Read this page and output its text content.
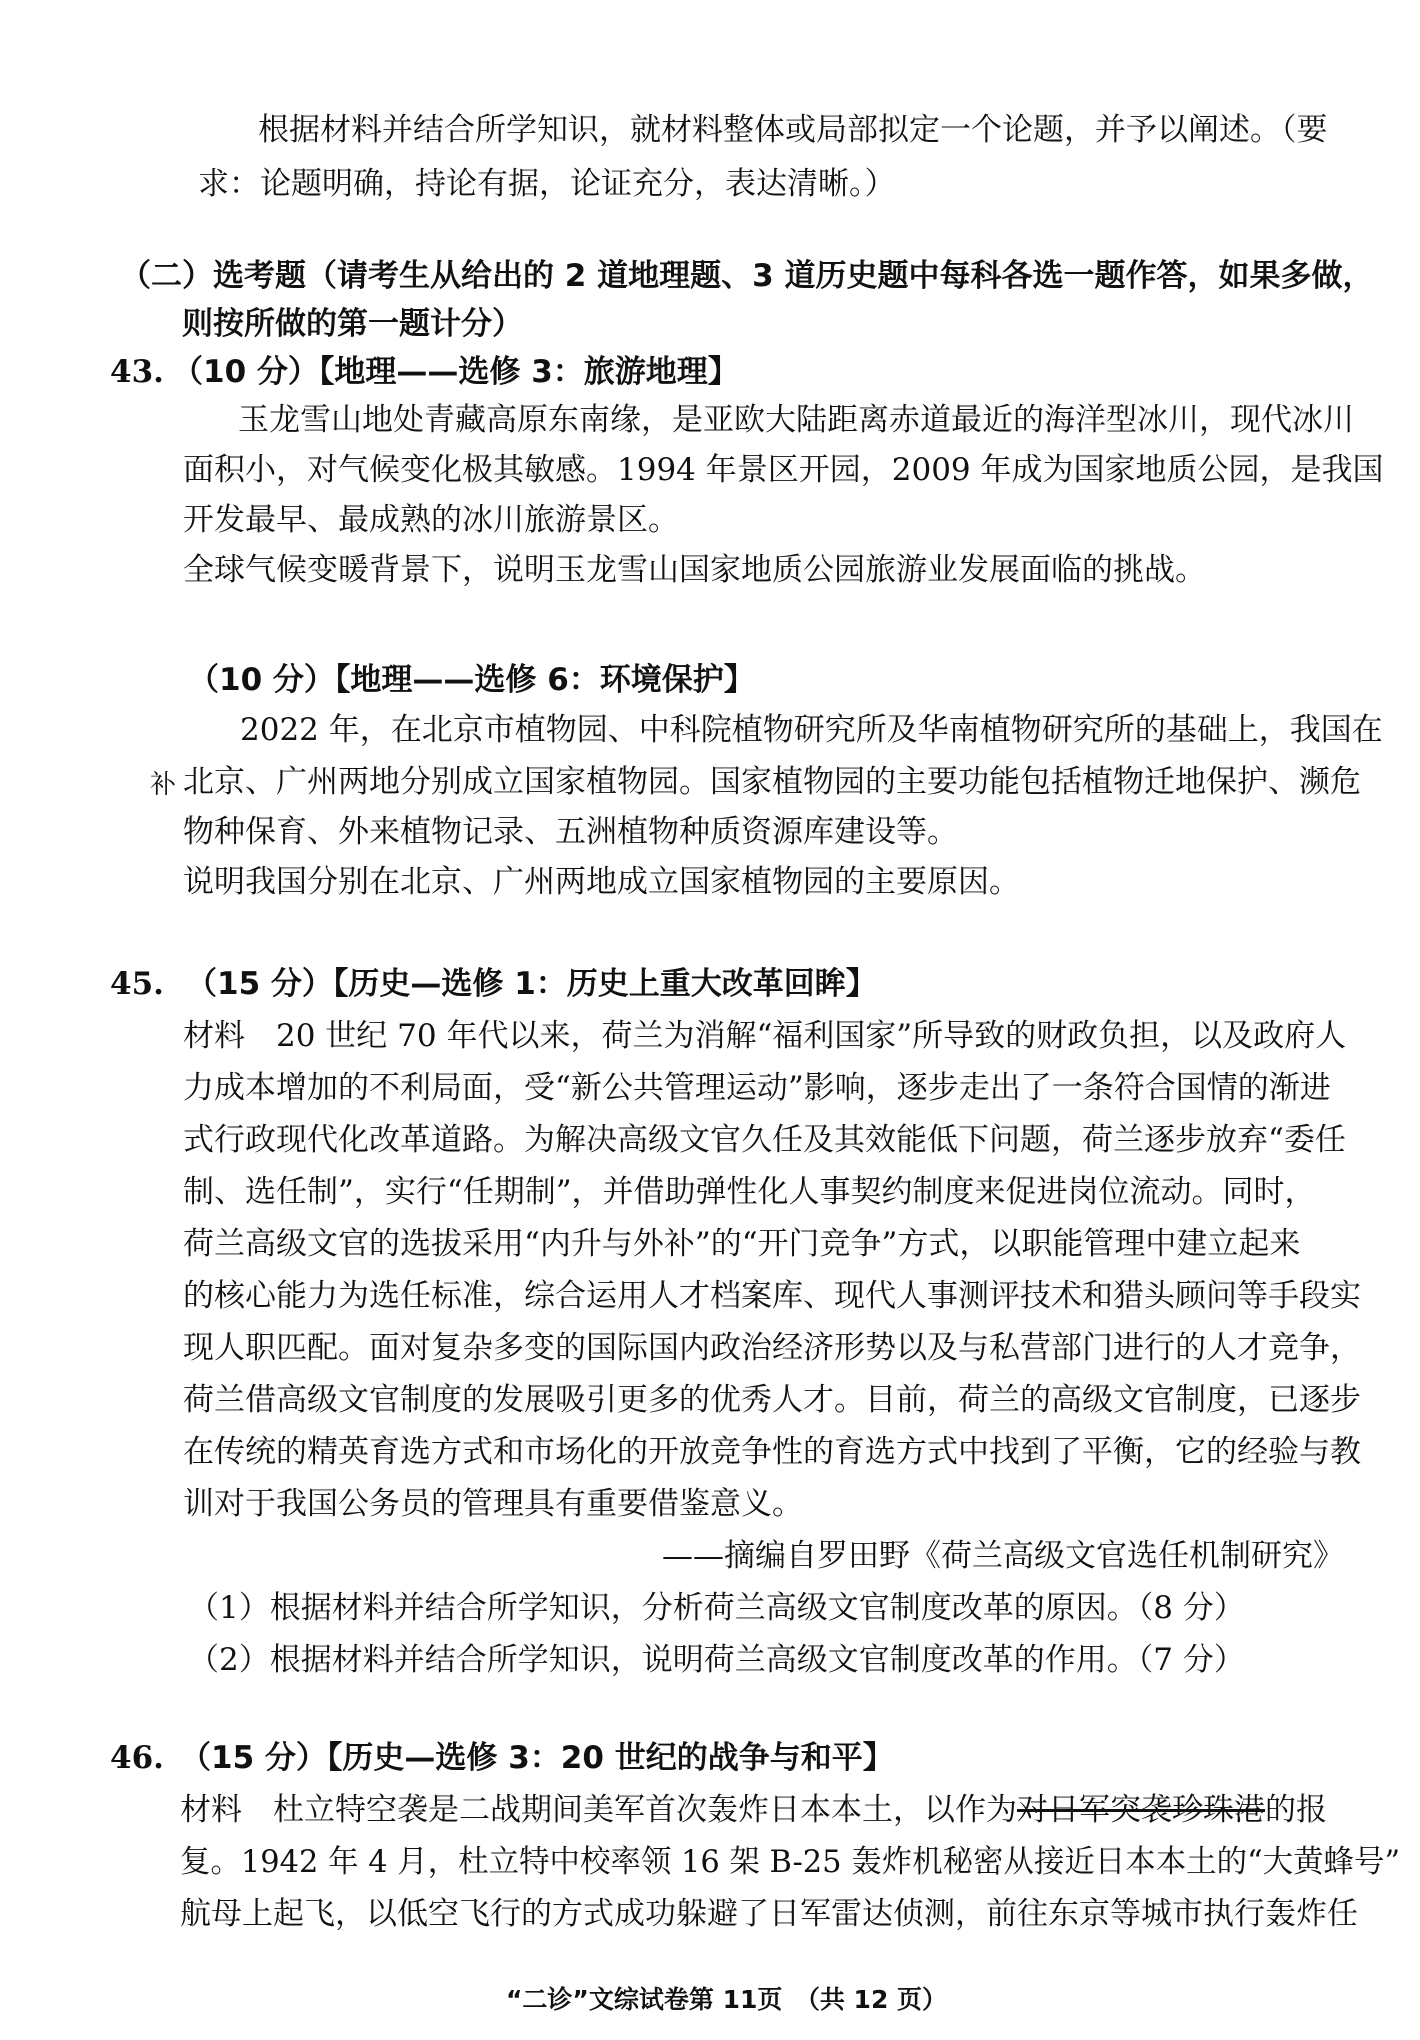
根据材料并结合所学知识，就材料整体或局部拟定一个论题，并予以阐述。（要
求：论题明确，持论有据，论证充分，表达清晰。）
（二）选考题（请考生从给出的 2 道地理题、3 道历史题中每科各选一题作答，如果多做，
则按所做的第一题计分）
43. （10 分）【地理——选修 3：旅游地理】
玉龙雪山地处青藏高原东南缘，是亚欧大陆距离赤道最近的海洋型冰川，现代冰川
面积小，对气候变化极其敏感。1994 年景区开园，2009 年成为国家地质公园，是我国
开发最早、最成熟的冰川旅游景区。
全球气候变暖背景下，说明玉龙雪山国家地质公园旅游业发展面临的挑战。
（10 分）【地理——选修 6：环境保护】
2022 年，在北京市植物园、中科院植物研究所及华南植物研究所的基础上，我国在
补 北京、广州两地分别成立国家植物园。国家植物园的主要功能包括植物迁地保护、濒危
物种保育、外来植物记录、五洲植物种质资源库建设等。
说明我国分别在北京、广州两地成立国家植物园的主要原因。
45. （15 分）【历史—选修 1：历史上重大改革回眸】
材料　20 世纪 70 年代以来，荷兰为消解“福利国家”所导致的财政负担，以及政府人
力成本增加的不利局面，受“新公共管理运动”影响，逐步走出了一条符合国情的渐进
式行政现代化改革道路。为解决高级文官久任及其效能低下问题，荷兰逐步放弃“委任
制、选任制”，实行“任期制”，并借助弹性化人事契约制度来促进岗位流动。同时，
荷兰高级文官的选拔采用“内升与外补”的“开门竞争”方式，以职能管理中建立起来
的核心能力为选任标准，综合运用人才档案库、现代人事测评技术和猎头顾问等手段实
现人职匹配。面对复杂多变的国际国内政治经济形势以及与私营部门进行的人才竞争，
荷兰借高级文官制度的发展吸引更多的优秀人才。目前，荷兰的高级文官制度，已逐步
在传统的精英育选方式和市场化的开放竞争性的育选方式中找到了平衡，它的经验与教
训对于我国公务员的管理具有重要借鉴意义。
——摘编自罗田野《荷兰高级文官选任机制研究》
（1）根据材料并结合所学知识，分析荷兰高级文官制度改革的原因。（8 分）
（2）根据材料并结合所学知识，说明荷兰高级文官制度改革的作用。（7 分）
46. （15 分）【历史—选修 3：20 世纪的战争与和平】
材料　杜立特空袭是二战期间美军首次轰炸日本本土，以作为对日军突袭珍珠港的报
复。1942 年 4 月，杜立特中校率领 16 架 B-25 轰炸机秘密从接近日本本土的“大黄蜂号”
航母上起飞，以低空飞行的方式成功躲避了日军雷达侦测，前往东京等城市执行轰炸任
“二诊”文综试卷第 11页　（共 12 页）
